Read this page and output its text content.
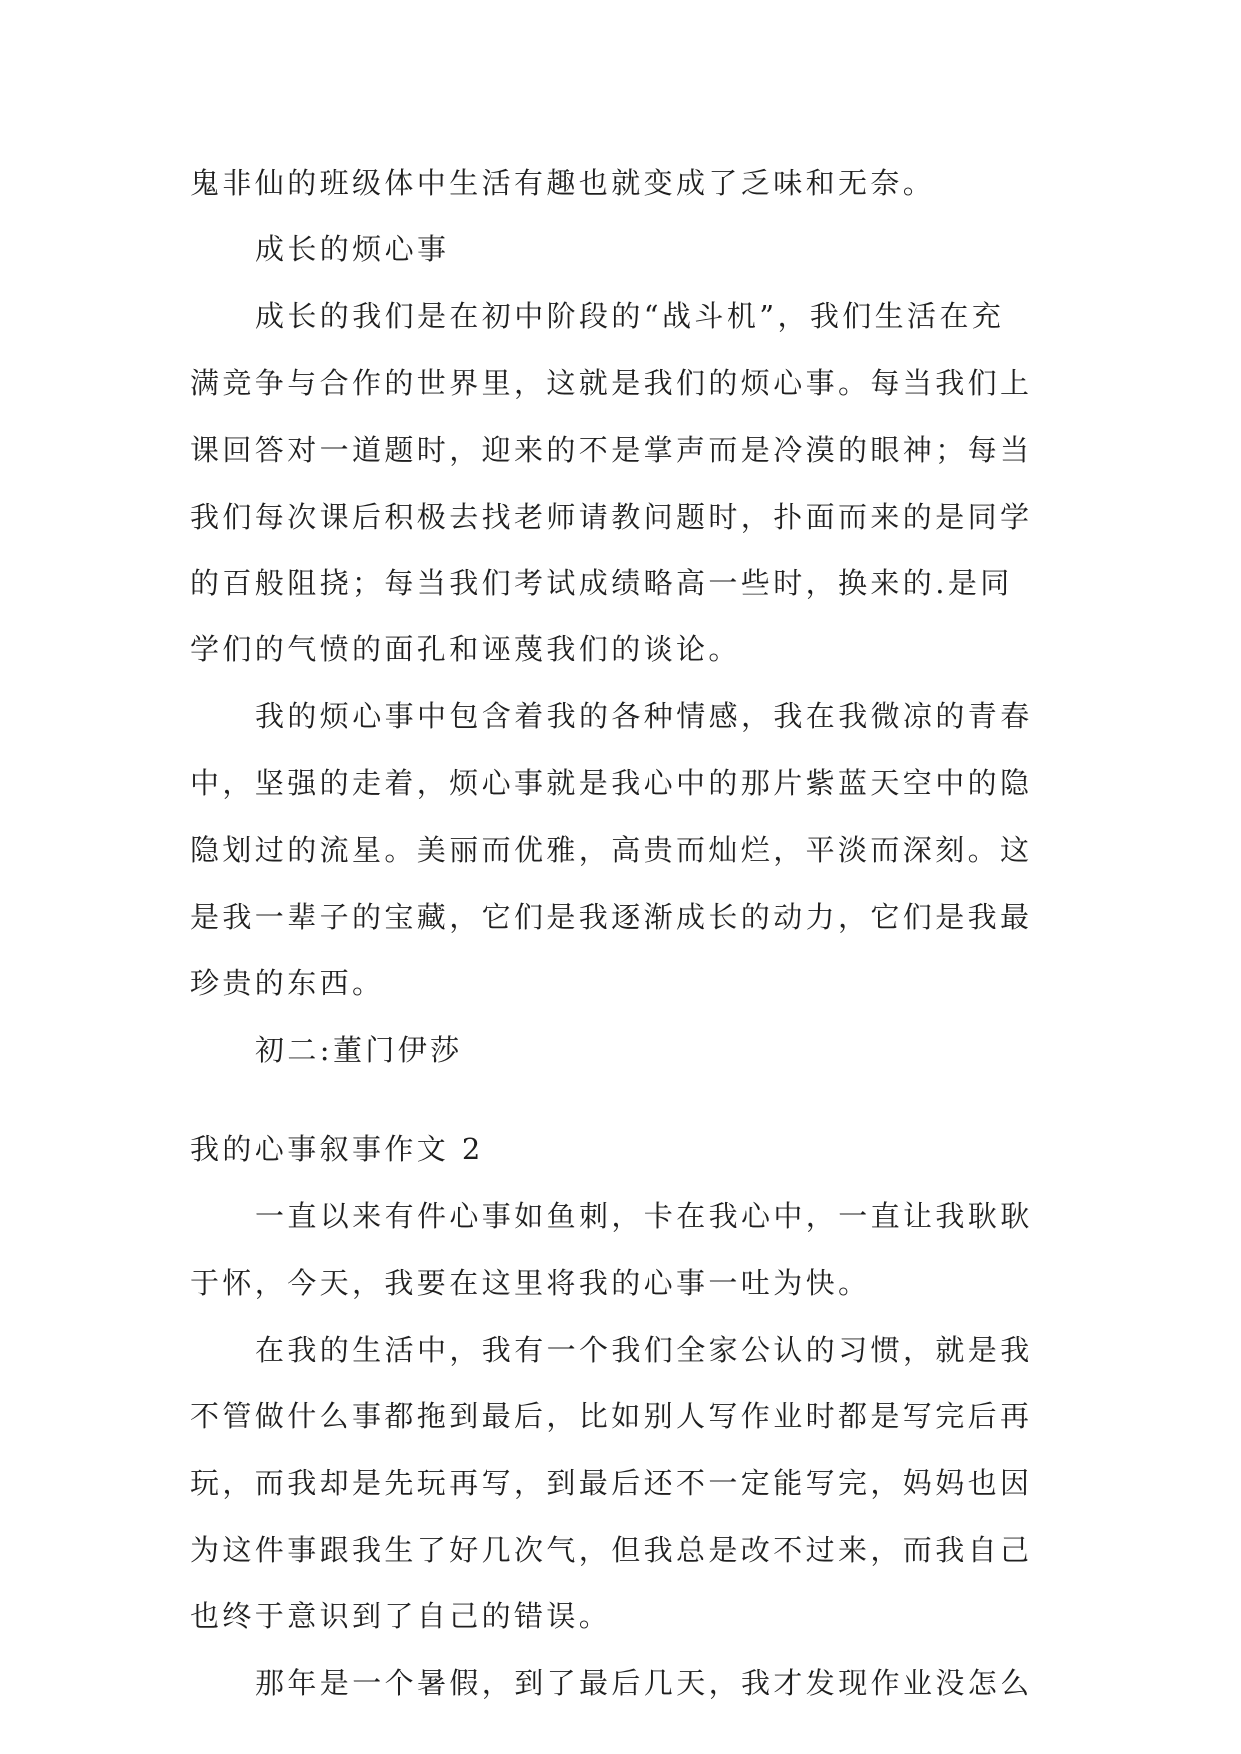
鬼非仙的班级体中生活有趣也就变成了乏味和无奈。
成长的烦心事
成长的我们是在初中阶段的“战斗机”，我们生活在充
满竞争与合作的世界里，这就是我们的烦心事。每当我们上
课回答对一道题时，迎来的不是掌声而是冷漠的眼神；每当
我们每次课后积极去找老师请教问题时，扑面而来的是同学
的百般阻挠；每当我们考试成绩略高一些时，换来的.是同
学们的气愤的面孔和诬蔑我们的谈论。
我的烦心事中包含着我的各种情感，我在我微凉的青春
中，坚强的走着，烦心事就是我心中的那片紫蓝天空中的隐
隐划过的流星。美丽而优雅，高贵而灿烂，平淡而深刻。这
是我一辈子的宝藏，它们是我逐渐成长的动力，它们是我最
珍贵的东西。
初二:董门伊莎
我的心事叙事作文 2
一直以来有件心事如鱼刺，卡在我心中，一直让我耿耿
于怀，今天，我要在这里将我的心事一吐为快。
在我的生活中，我有一个我们全家公认的习惯，就是我
不管做什么事都拖到最后，比如别人写作业时都是写完后再
玩，而我却是先玩再写，到最后还不一定能写完，妈妈也因
为这件事跟我生了好几次气，但我总是改不过来，而我自己
也终于意识到了自己的错误。
那年是一个暑假，到了最后几天，我才发现作业没怎么
